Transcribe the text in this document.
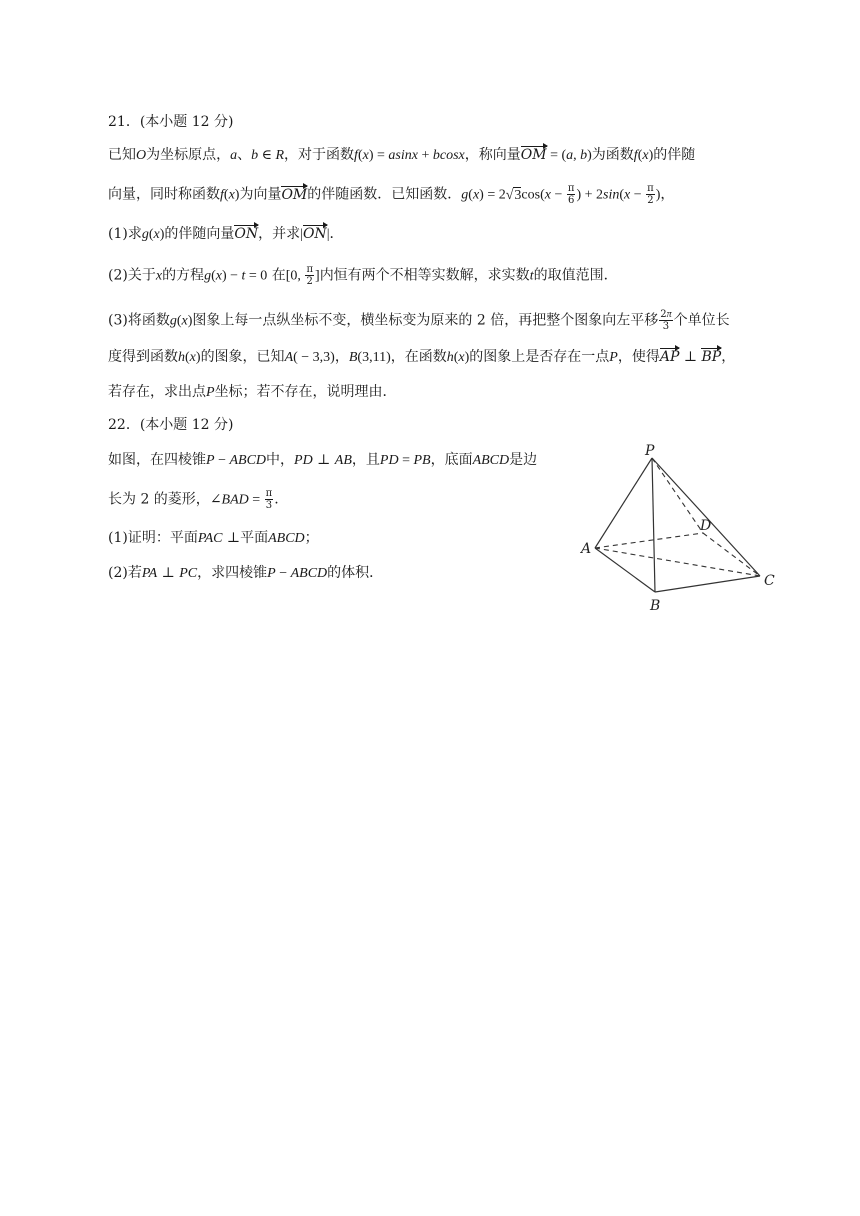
21．(本小题 12 分)
已知O为坐标原点，a、b ∈ R，对于函数f(x) = asinx + bcosx，称向量OM = (a, b)为函数f(x)的伴随
向量，同时称函数f(x)为向量OM的伴随函数．已知函数．$g(x) = 2√3\cos(x - \frac{\pi}{6}$ ) + $2\sin(x - \frac{\pi}{2}$ )，
(1)求g(x)的伴随向量ON，并求|ON|．
(2)关于x的方程g(x) − t = 0 在[0, $\frac{\pi}{2}$ ]内恒有两个不相等实数解，求实数t的取值范围．
(3)将函数g(x)图象上每一点纵坐标不变，横坐标变为原来的 2 倍，再把整个图象向左平移 $\frac{2\pi}{3}$ 个单位长
度得到函数h(x)的图象，已知A( − 3,3)，B(3,11)，在函数h(x)的图象上是否存在一点P，使得AP ⊥ BP，
若存在，求出点P坐标；若不存在，说明理由．
22．(本小题 12 分)
如图，在四棱锥P − ABCD中，PD ⊥ AB，且PD = PB，底面ABCD是边
长为 2 的菱形，∠BAD = $\frac{\pi}{3}$ .
(1)证明：平面PAC ⊥平面ABCD；
(2)若PA ⊥ PC，求四棱锥P − ABCD的体积．
P
A
B
C
D
